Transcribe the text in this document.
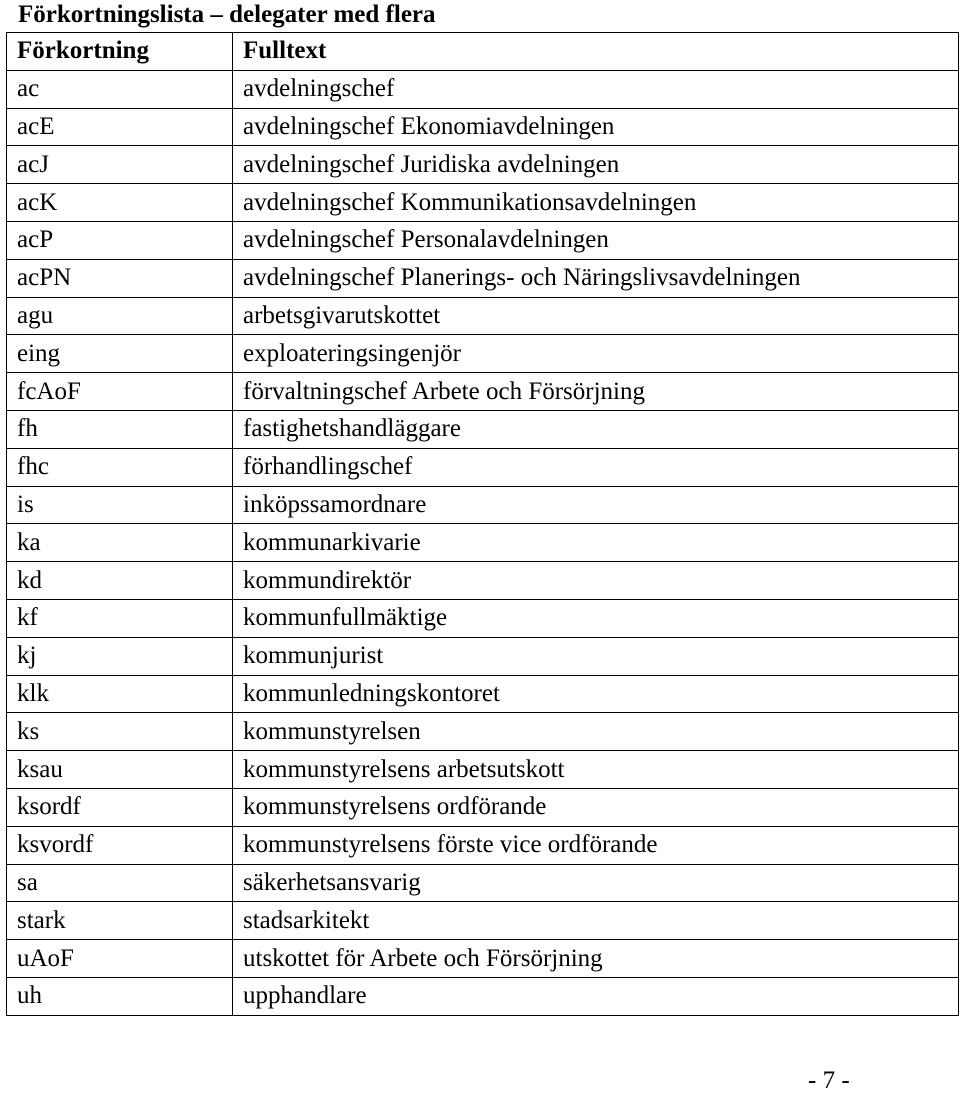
Förkortningslista – delegater med flera
Förkortning	Fulltext
ac	avdelningschef
acE	avdelningschef Ekonomiavdelningen
acJ	avdelningschef Juridiska avdelningen
acK	avdelningschef Kommunikationsavdelningen
acP	avdelningschef Personalavdelningen
acPN	avdelningschef Planerings- och Näringslivsavdelningen
agu	arbetsgivarutskottet
eing	exploateringsingenjör
fcAoF	förvaltningschef Arbete och Försörjning
fh	fastighetshandläggare
fhc	förhandlingschef
is	inköpssamordnare
ka	kommunarkivarie
kd	kommundirektör
kf	kommunfullmäktige
kj	kommunjurist
klk	kommunledningskontoret
ks	kommunstyrelsen
ksau	kommunstyrelsens arbetsutskott
ksordf	kommunstyrelsens ordförande
ksvordf	kommunstyrelsens förste vice ordförande
sa	säkerhetsansvarig
stark	stadsarkitekt
uAoF	utskottet för Arbete och Försörjning
uh	upphandlare
- 7 -
